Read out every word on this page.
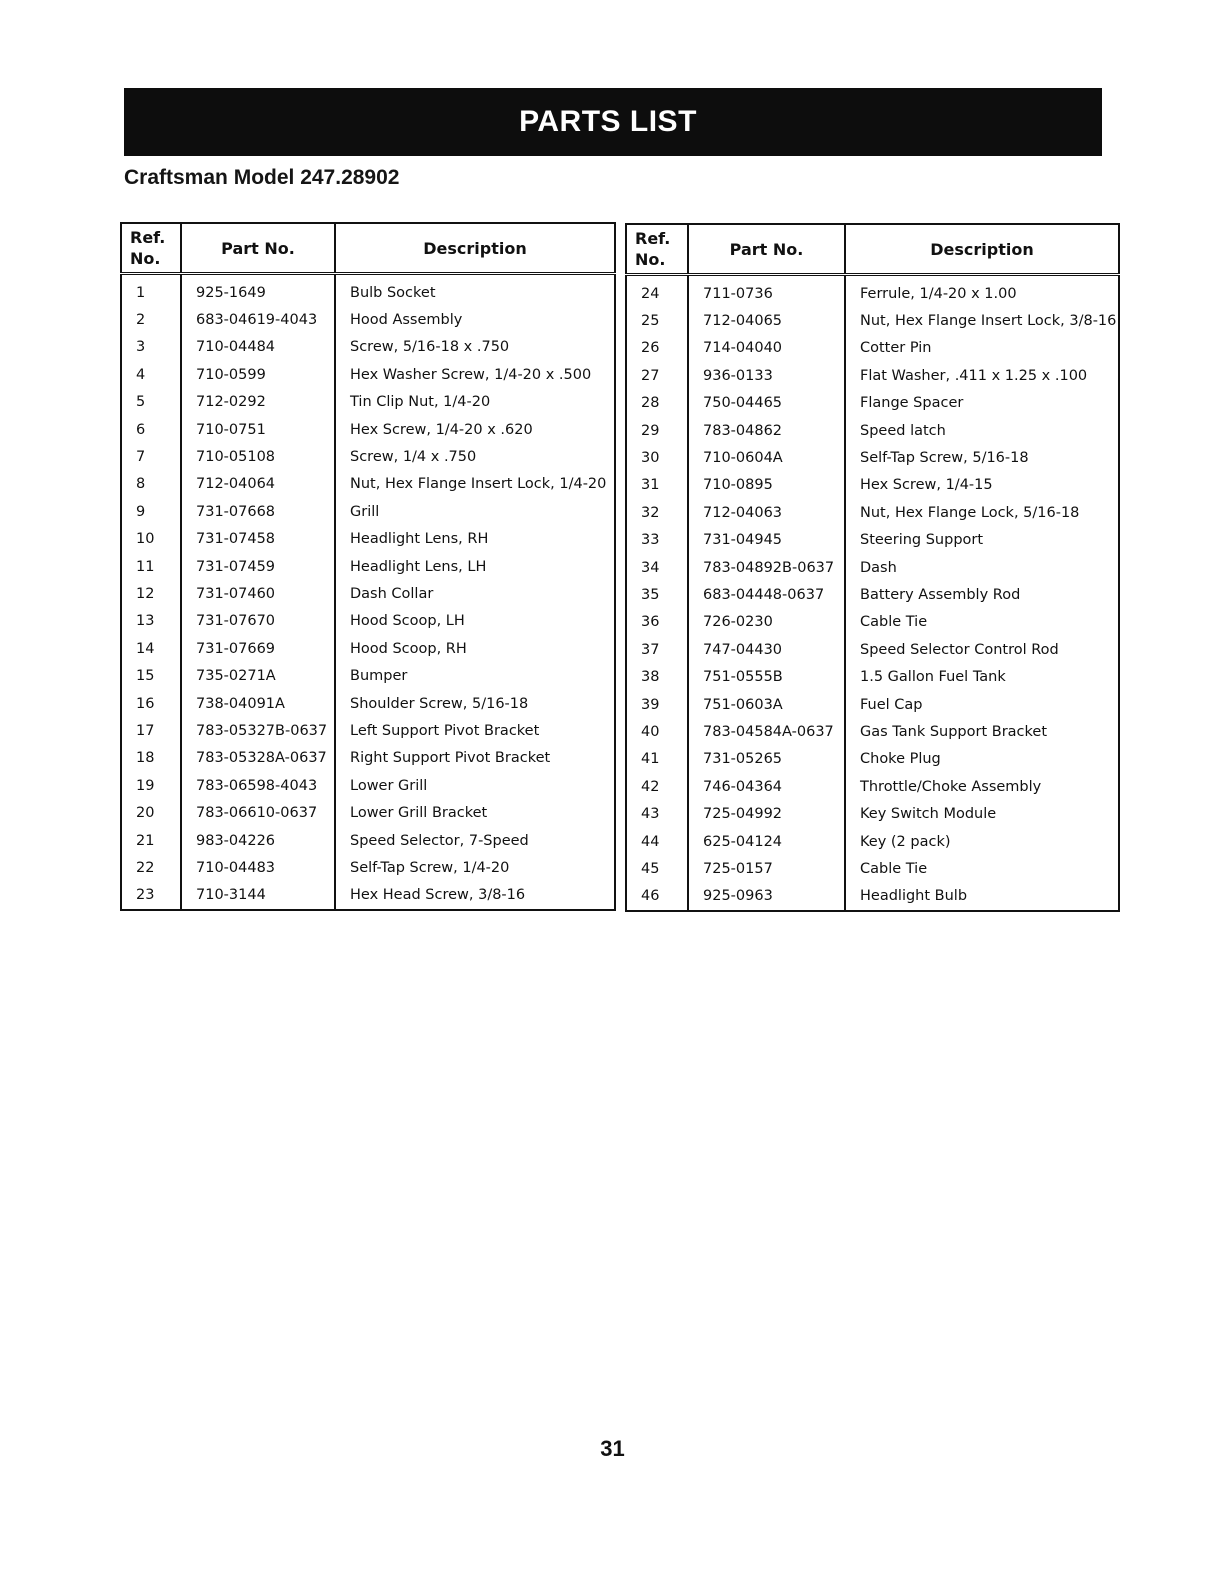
PARTS LIST
Craftsman Model 247.28902
Ref.
No.	Part No.	Description
1	925-1649	Bulb Socket
2	683-04619-4043	Hood Assembly
3	710-04484	Screw, 5/16-18 x .750
4	710-0599	Hex Washer Screw, 1/4-20 x .500
5	712-0292	Tin Clip Nut, 1/4-20
6	710-0751	Hex Screw, 1/4-20 x .620
7	710-05108	Screw, 1/4 x .750
8	712-04064	Nut, Hex Flange Insert Lock, 1/4-20
9	731-07668	Grill
10	731-07458	Headlight Lens, RH
11	731-07459	Headlight Lens, LH
12	731-07460	Dash Collar
13	731-07670	Hood Scoop, LH
14	731-07669	Hood Scoop, RH
15	735-0271A	Bumper
16	738-04091A	Shoulder Screw, 5/16-18
17	783-05327B-0637	Left Support Pivot Bracket
18	783-05328A-0637	Right Support Pivot Bracket
19	783-06598-4043	Lower Grill
20	783-06610-0637	Lower Grill Bracket
21	983-04226	Speed Selector, 7-Speed
22	710-04483	Self-Tap Screw, 1/4-20
23	710-3144	Hex Head Screw, 3/8-16
Ref.
No.	Part No.	Description
24	711-0736	Ferrule, 1/4-20 x 1.00
25	712-04065	Nut, Hex Flange Insert Lock, 3/8-16
26	714-04040	Cotter Pin
27	936-0133	Flat Washer, .411 x 1.25 x .100
28	750-04465	Flange Spacer
29	783-04862	Speed latch
30	710-0604A	Self-Tap Screw, 5/16-18
31	710-0895	Hex Screw, 1/4-15
32	712-04063	Nut, Hex Flange Lock, 5/16-18
33	731-04945	Steering Support
34	783-04892B-0637	Dash
35	683-04448-0637	Battery Assembly Rod
36	726-0230	Cable Tie
37	747-04430	Speed Selector Control Rod
38	751-0555B	1.5 Gallon Fuel Tank
39	751-0603A	Fuel Cap
40	783-04584A-0637	Gas Tank Support Bracket
41	731-05265	Choke Plug
42	746-04364	Throttle/Choke Assembly
43	725-04992	Key Switch Module
44	625-04124	Key (2 pack)
45	725-0157	Cable Tie
46	925-0963	Headlight Bulb
31
